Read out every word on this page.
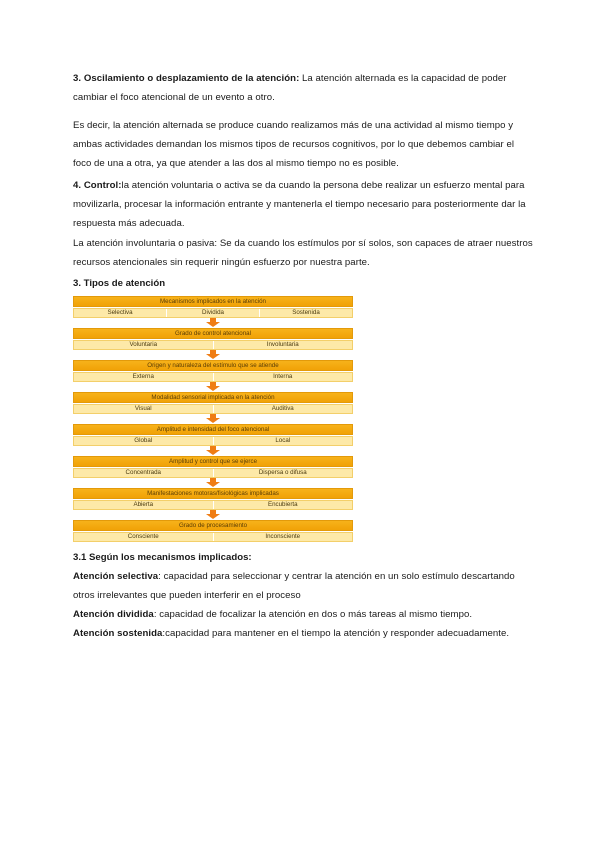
3. Oscilamiento o desplazamiento de la atención: La atención alternada es la capacidad de poder cambiar el foco atencional de un evento a otro.
Es decir, la atención alternada se produce cuando realizamos más de una actividad al mismo tiempo y ambas actividades demandan los mismos tipos de recursos cognitivos, por lo que debemos cambiar el foco de una a otra, ya que atender a las dos al mismo tiempo no es posible.
4. Control:la atención voluntaria o activa se da cuando la persona debe realizar un esfuerzo mental para movilizarla, procesar la información entrante y mantenerla el tiempo necesario para posteriormente dar la respuesta más adecuada.
La atención involuntaria o pasiva: Se da cuando los estímulos por sí solos, son capaces de atraer nuestros recursos atencionales sin requerir ningún esfuerzo por nuestra parte.
3. Tipos de atención
Mecanismos implicados en la atención
Selectiva	Dividida	Sostenida
Grado de control atencional
Voluntaria	Involuntaria
Origen y naturaleza del estímulo que se atiende
Externa	Interna
Modalidad sensorial implicada en la atención
Visual	Auditiva
Amplitud e intensidad del foco atencional
Global	Local
Amplitud y control que se ejerce
Concentrada	Dispersa o difusa
Manifestaciones motoras/fisiológicas implicadas
Abierta	Encubierta
Grado de procesamiento
Consciente	Inconsciente
3.1 Según los mecanismos implicados:
Atención selectiva: capacidad para seleccionar y centrar la atención en un solo estímulo descartando otros irrelevantes que pueden interferir en el proceso
Atención dividida: capacidad de focalizar la atención en dos o más tareas al mismo tiempo.
Atención sostenida:capacidad para mantener en el tiempo la atención y responder adecuadamente.
